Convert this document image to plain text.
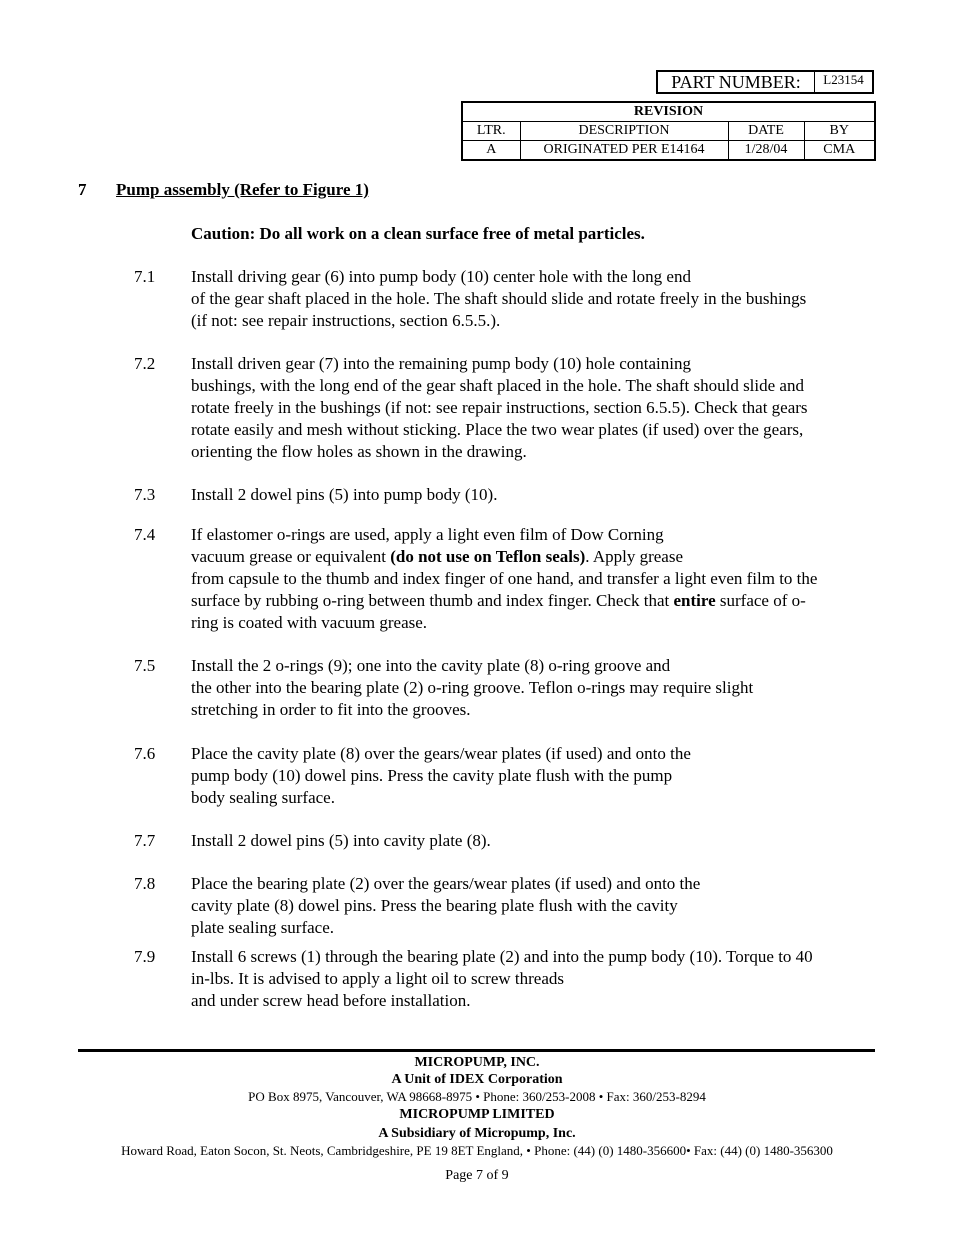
PART NUMBER:	L23154
REVISION			
LTR.	DESCRIPTION	DATE	BY
A	ORIGINATED PER E14164	1/28/04	CMA
7 Pump assembly (Refer to Figure 1)
Caution: Do all work on a clean surface free of metal particles.
7.1 Install driving gear (6) into pump body (10) center hole with the long end
of the gear shaft placed in the hole. The shaft should slide and rotate freely in the bushings
(if not: see repair instructions, section 6.5.5.).
7.2 Install driven gear (7) into the remaining pump body (10) hole containing
bushings, with the long end of the gear shaft placed in the hole. The shaft should slide and
rotate freely in the bushings (if not: see repair instructions, section 6.5.5). Check that gears
rotate easily and mesh without sticking. Place the two wear plates (if used) over the gears,
orienting the flow holes as shown in the drawing.
7.3 Install 2 dowel pins (5) into pump body (10).
7.4 If elastomer o-rings are used, apply a light even film of Dow Corning
vacuum grease or equivalent (do not use on Teflon seals). Apply grease
from capsule to the thumb and index finger of one hand, and transfer a light even film to the
surface by rubbing o-ring between thumb and index finger. Check that entire surface of o-
ring is coated with vacuum grease.
7.5 Install the 2 o-rings (9); one into the cavity plate (8) o-ring groove and
the other into the bearing plate (2) o-ring groove. Teflon o-rings may require slight
stretching in order to fit into the grooves.
7.6 Place the cavity plate (8) over the gears/wear plates (if used) and onto the
pump body (10) dowel pins. Press the cavity plate flush with the pump
body sealing surface.
7.7 Install 2 dowel pins (5) into cavity plate (8).
7.8 Place the bearing plate (2) over the gears/wear plates (if used) and onto the
cavity plate (8) dowel pins. Press the bearing plate flush with the cavity
plate sealing surface.
7.9 Install 6 screws (1) through the bearing plate (2) and into the pump body (10). Torque to 40
in-lbs. It is advised to apply a light oil to screw threads
and under screw head before installation.
MICROPUMP, INC.
A Unit of IDEX Corporation
PO Box 8975, Vancouver, WA 98668-8975 • Phone: 360/253-2008 • Fax: 360/253-8294
MICROPUMP LIMITED
A Subsidiary of Micropump, Inc.
Howard Road, Eaton Socon, St. Neots, Cambridgeshire, PE 19 8ET England, • Phone: (44) (0) 1480-356600• Fax: (44) (0) 1480-356300
Page 7 of 9
